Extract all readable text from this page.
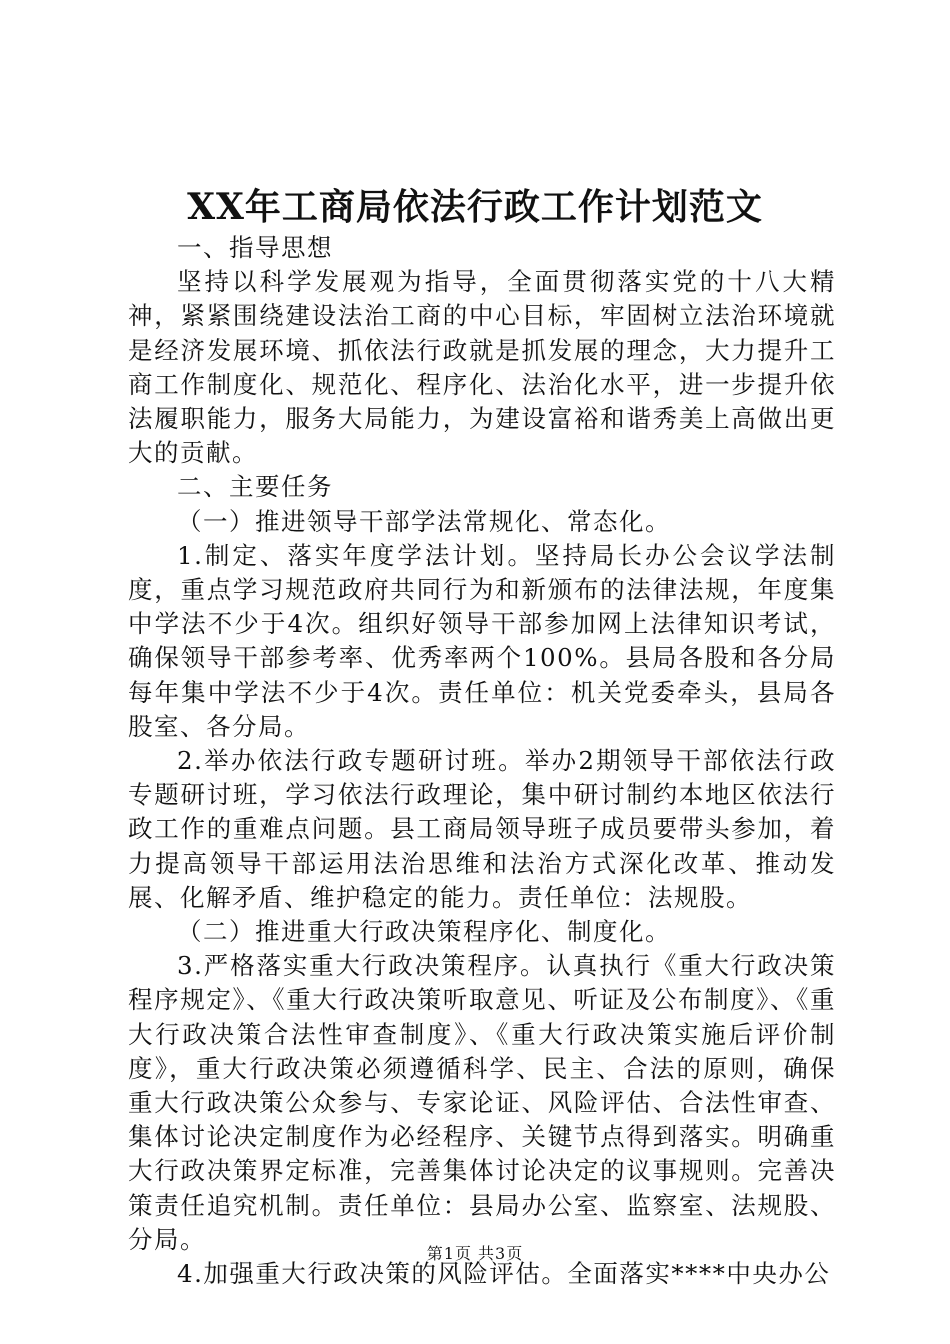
XX年工商局依法行政工作计划范文

一、指导思想

坚持以科学发展观为指导，全面贯彻落实党的十八大精神，紧紧围绕建设法治工商的中心目标，牢固树立法治环境就是经济发展环境、抓依法行政就是抓发展的理念，大力提升工商工作制度化、规范化、程序化、法治化水平，进一步提升依法履职能力，服务大局能力，为建设富裕和谐秀美上高做出更大的贡献。

二、主要任务

（一）推进领导干部学法常规化、常态化。

1.制定、落实年度学法计划。坚持局长办公会议学法制度，重点学习规范政府共同行为和新颁布的法律法规，年度集中学法不少于4次。组织好领导干部参加网上法律知识考试，确保领导干部参考率、优秀率两个100%。县局各股和各分局每年集中学法不少于4次。责任单位：机关党委牵头，县局各股室、各分局。

2.举办依法行政专题研讨班。举办2期领导干部依法行政专题研讨班，学习依法行政理论，集中研讨制约本地区依法行政工作的重难点问题。县工商局领导班子成员要带头参加，着力提高领导干部运用法治思维和法治方式深化改革、推动发展、化解矛盾、维护稳定的能力。责任单位：法规股。

（二）推进重大行政决策程序化、制度化。

3.严格落实重大行政决策程序。认真执行《重大行政决策程序规定》、《重大行政决策听取意见、听证及公布制度》、《重大行政决策合法性审查制度》、《重大行政决策实施后评价制度》，重大行政决策必须遵循科学、民主、合法的原则，确保重大行政决策公众参与、专家论证、风险评估、合法性审查、集体讨论决定制度作为必经程序、关键节点得到落实。明确重大行政决策界定标准，完善集体讨论决定的议事规则。完善决策责任追究机制。责任单位：县局办公室、监察室、法规股、分局。

4.加强重大行政决策的风险评估。全面落实****中央办公

第1页 共3页
